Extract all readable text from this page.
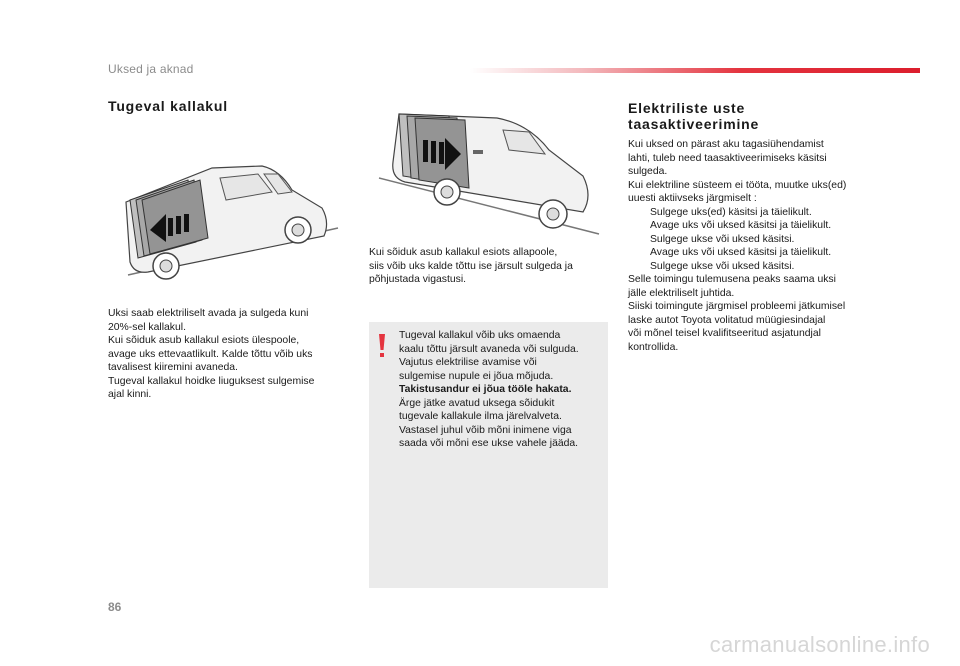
Uksed ja aknad
Tugeval kallakul
Uksi saab elektriliselt avada ja sulgeda kuni
20%-sel kallakul.
Kui sõiduk asub kallakul esiots ülespoole,
avage uks ettevaatlikult. Kalde tõttu võib uks
tavalisest kiiremini avaneda.
Tugeval kallakul hoidke liuguksest sulgemise
ajal kinni.
Kui sõiduk asub kallakul esiots allapoole,
siis võib uks kalde tõttu ise järsult sulgeda ja
põhjustada vigastusi.
Tugeval kallakul võib uks omaenda
kaalu tõttu järsult avaneda või sulguda.
Vajutus elektrilise avamise või
sulgemise nupule ei jõua mõjuda.
Takistusandur ei jõua tööle hakata.
Ärge jätke avatud uksega sõidukit
tugevale kallakule ilma järelvalveta.
Vastasel juhul võib mõni inimene viga
saada või mõni ese ukse vahele jääda.
Elektriliste uste
taasaktiveerimine
Kui uksed on pärast aku tagasiühendamist
lahti, tuleb need taasaktiveerimiseks käsitsi
sulgeda.
Kui elektriline süsteem ei tööta, muutke uks(ed)
uuesti aktiivseks järgmiselt :
Sulgege uks(ed) käsitsi ja täielikult.
Avage uks või uksed käsitsi ja täielikult.
Sulgege ukse või uksed käsitsi.
Avage uks või uksed käsitsi ja täielikult.
Sulgege ukse või uksed käsitsi.
Selle toimingu tulemusena peaks saama uksi
jälle elektriliselt juhtida.
Siiski toimingute järgmisel probleemi jätkumisel
laske autot Toyota volitatud müügiesindajal
või mõnel teisel kvalifitseeritud asjatundjal
kontrollida.
86
carmanualsonline.info
